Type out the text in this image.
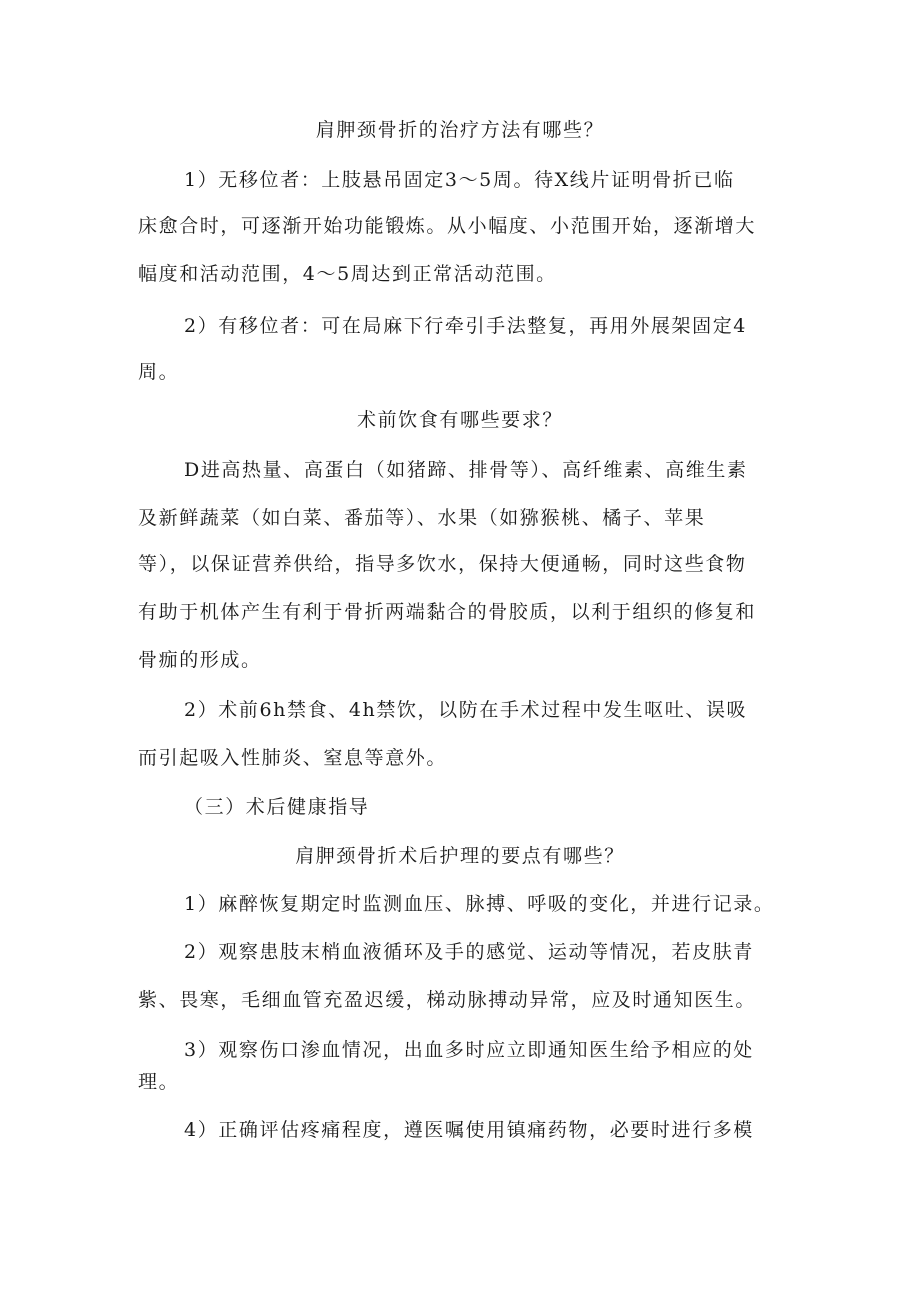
肩胛颈骨折的治疗方法有哪些？
1）无移位者：上肢悬吊固定3～5周。待X线片证明骨折已临
床愈合时，可逐渐开始功能锻炼。从小幅度、小范围开始，逐渐增大
幅度和活动范围，4～5周达到正常活动范围。
2）有移位者：可在局麻下行牵引手法整复，再用外展架固定4
周。
术前饮食有哪些要求？
D进高热量、高蛋白（如猪蹄、排骨等）、高纤维素、高维生素
及新鲜蔬菜（如白菜、番茄等）、水果（如猕猴桃、橘子、苹果
等），以保证营养供给，指导多饮水，保持大便通畅，同时这些食物
有助于机体产生有利于骨折两端黏合的骨胶质，以利于组织的修复和
骨痂的形成。
2）术前6h禁食、4h禁饮，以防在手术过程中发生呕吐、误吸
而引起吸入性肺炎、窒息等意外。
（三）术后健康指导
肩胛颈骨折术后护理的要点有哪些？
1）麻醉恢复期定时监测血压、脉搏、呼吸的变化，并进行记录。
2）观察患肢末梢血液循环及手的感觉、运动等情况，若皮肤青
紫、畏寒，毛细血管充盈迟缓，梯动脉搏动异常，应及时通知医生。
3）观察伤口渗血情况，出血多时应立即通知医生给予相应的处
理。
4）正确评估疼痛程度，遵医嘱使用镇痛药物，必要时进行多模
